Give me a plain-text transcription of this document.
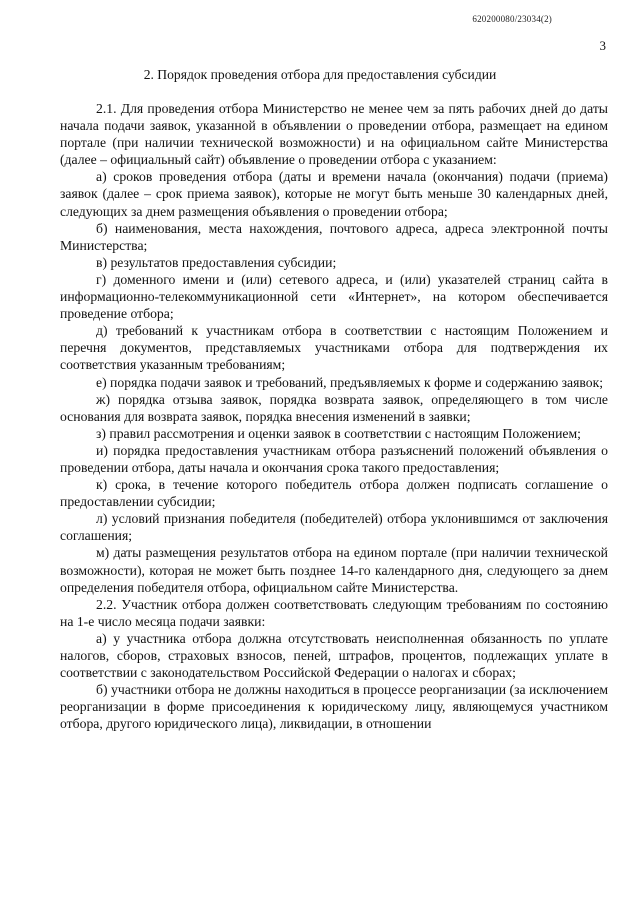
620200080/23034(2)
3
2. Порядок проведения отбора для предоставления субсидии

2.1. Для проведения отбора Министерство не менее чем за пять рабочих дней до даты начала подачи заявок, указанной в объявлении о проведении отбора, размещает на едином портале (при наличии технической возможности) и на официальном сайте Министерства (далее – официальный сайт) объявление о проведении отбора с указанием:

а) сроков проведения отбора (даты и времени начала (окончания) подачи (приема) заявок (далее – срок приема заявок), которые не могут быть меньше 30 календарных дней, следующих за днем размещения объявления о проведении отбора;

б) наименования, места нахождения, почтового адреса, адреса электронной почты Министерства;

в) результатов предоставления субсидии;

г) доменного имени и (или) сетевого адреса, и (или) указателей страниц сайта в информационно-телекоммуникационной сети «Интернет», на котором обеспечивается проведение отбора;

д) требований к участникам отбора в соответствии с настоящим Положением и перечня документов, представляемых участниками отбора для подтверждения их соответствия указанным требованиям;

е) порядка подачи заявок и требований, предъявляемых к форме и содержанию заявок;

ж) порядка отзыва заявок, порядка возврата заявок, определяющего в том числе основания для возврата заявок, порядка внесения изменений в заявки;

з) правил рассмотрения и оценки заявок в соответствии с настоящим Положением;

и) порядка предоставления участникам отбора разъяснений положений объявления о проведении отбора, даты начала и окончания срока такого предоставления;

к) срока, в течение которого победитель отбора должен подписать соглашение о предоставлении субсидии;

л) условий признания победителя (победителей) отбора уклонившимся от заключения соглашения;

м) даты размещения результатов отбора на едином портале (при наличии технической возможности), которая не может быть позднее 14-го календарного дня, следующего за днем определения победителя отбора, официальном сайте Министерства.

2.2. Участник отбора должен соответствовать следующим требованиям по состоянию на 1-е число месяца подачи заявки:

а) у участника отбора должна отсутствовать неисполненная обязанность по уплате налогов, сборов, страховых взносов, пеней, штрафов, процентов, подлежащих уплате в соответствии с законодательством Российской Федерации о налогах и сборах;

б) участники отбора не должны находиться в процессе реорганизации (за исключением реорганизации в форме присоединения к юридическому лицу, являющемуся участником отбора, другого юридического лица), ликвидации, в отношении
